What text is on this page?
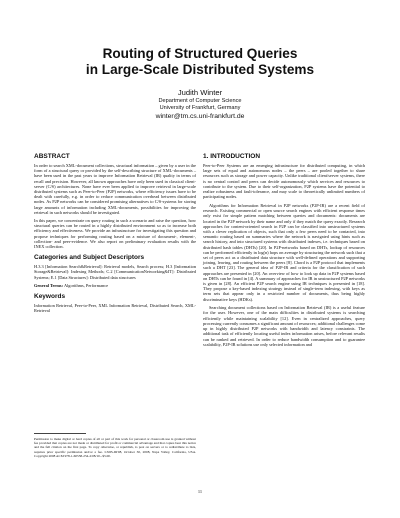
Routing of Structured Queries
in Large-Scale Distributed Systems
Judith Winter
Department of Computer Science
University of Frankfurt, Germany
winter@tm.cs.uni-frankfurt.de
ABSTRACT

In order to search XML-document collections, structural information – given by a user in the form of a structural query or provided by the self-describing structure of XML-documents – have been used in the past years to improve Information Retrieval (IR) quality in terms of recall and precision. However, all known approaches have only been used in classical client-server (C/S) architectures. None have ever been applied to improve retrieval in large-scale distributed systems such as Peer-to-Peer (P2P) networks, where efficiency issues have to be dealt with carefully, e.g. in order to reduce communication overhead between distributed nodes. As P2P networks can be considered promising alternatives to C/S-systems for storing large amounts of information including XML-documents, possibilities for improving the retrieval in such networks should be investigated.

In this paper, we concentrate on query routing in such a scenario and raise the question, how structural queries can be routed in a highly distributed environment so as to increase both efficiency and effectiveness. We provide an infrastructure for investigating this question and propose techniques for performing routing based on a mixture of document-, element-, collection- and peer-evidence. We also report on preliminary evaluation results with the INEX collection.

Categories and Subject Descriptors

H.3.3 [Information Search&Retrieval]: Retrieval models, Search process; H.3 [Information Storage&Retrieval]: Indexing Methods; C.2 [CommunicationNetworking&IT]: Distributed Systems; E.1 [Data Structures]: Distributed data structures

General Terms: Algorithms, Performance

Keywords

Information Retrieval, Peer-to-Peer, XML Information Retrieval, Distributed Search, XML-Retrieval

Permission to make digital or hard copies of all or part of this work for personal or classroom use is granted without fee provided that copies are not made or distributed for profit or commercial advantage and that copies bear this notice and the full citation on the first page. To copy otherwise, or republish, to post on servers or to redistribute to lists, requires prior specific permission and/or a fee. LSDS-IR'08, October 30, 2008, Napa Valley, California, USA. Copyright 2008 ACM 978-1-60558-254-2/08/10...$5.00.
1. INTRODUCTION

Peer-to-Peer Systems are an emerging infrastructure for distributed computing, in which large sets of equal and autonomous nodes – the peers – are pooled together to share resources such as storage and power capacity. Unlike traditional client/server systems, there is no central control and peers can decide autonomously which services and resources to contribute to the system. Due to their self-organization, P2P systems have the potential to realize robustness and fault-tolerance, and may scale to theoretically unlimited numbers of participating nodes.

Algorithms for Information Retrieval in P2P networks (P2P-IR) are a recent field of research. Existing commercial or open source search engines with efficient response times only exist for simple pattern matching between queries and documents: documents are located in the P2P network by their name and only if they match the query exactly. Research approaches for content-oriented search in P2P can be classified into unstructured systems with a clever replication of objects, such that only a few peers need to be contacted, into semantic routing based on summaries where the network is navigated using hints such as search history, and into structured systems with distributed indexes, i.e. techniques based on distributed hash tables (DHTs) [20]. In P2P-networks based on DHTs, lookup of resources can be performed efficiently in log(n) hops on average by structuring the network such that a set of peers act as a distributed data structure with well-defined operations and supporting joining, leaving, and routing between the peers [8]. Chord is a P2P protocol that implements such a DHT [23]. The general idea of P2P-IR and criteria for the classification of such approaches are presented in [20]. An overview of how to look up data in P2P systems based on DHTs can be found in [4]. A summary of approaches for IR in unstructured P2P networks is given in [28]. An efficient P2P search engine using IR techniques is presented in [18]. They propose a key-based indexing strategy instead of single-term indexing, with keys as term sets that appear only in a restricted number of documents, thus being highly discriminative keys (HDKs).

Searching document collections based on Information Retrieval (IR) is a useful feature for the user. However, one of the main difficulties in distributed systems is searching efficiently while maintaining scalability [12]. Even in centralized approaches, query processing currently consumes a significant amount of resources; additional challenges come up in highly distributed P2P networks with bandwidth and latency constraints. The additional task of efficiently locating useful index information arises, before relevant results can be ranked and retrieved. In order to reduce bandwidth consumption and to guarantee scalability, P2P-IR solutions use only selected information and

11
